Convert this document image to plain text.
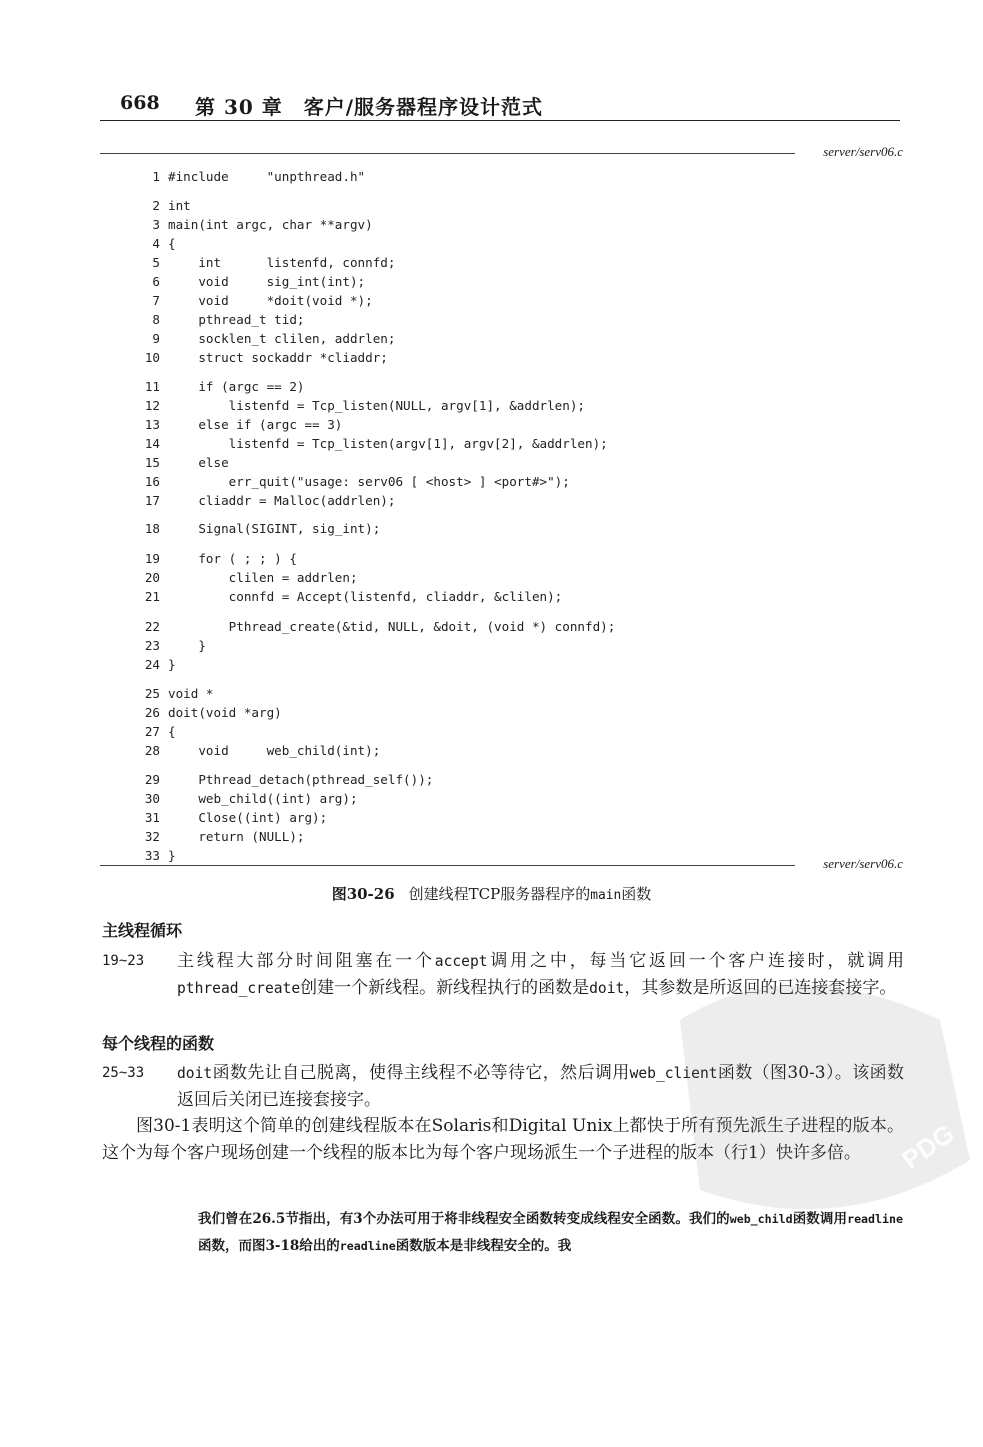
668 第 30 章　客户/服务器程序设计范式
server/serv06.c
1 #include     "unpthread.h"
2 int
3 main(int argc, char **argv)
4 {
5    int      listenfd, connfd;
6    void     sig_int(int);
7    void     *doit(void *);
8    pthread_t tid;
9    socklen_t clilen, addrlen;
10    struct sockaddr *cliaddr;
11    if (argc == 2)
12        listenfd = Tcp_listen(NULL, argv[1], &addrlen);
13    else if (argc == 3)
14        listenfd = Tcp_listen(argv[1], argv[2], &addrlen);
15    else
16        err_quit("usage: serv06 [ <host> ] <port#>");
17    cliaddr = Malloc(addrlen);
18    Signal(SIGINT, sig_int);
19    for ( ; ; ) {
20        clilen = addrlen;
21        connfd = Accept(listenfd, cliaddr, &clilen);
22        Pthread_create(&tid, NULL, &doit, (void *) connfd);
23    }
24 }
25 void *
26 doit(void *arg)
27 {
28    void     web_child(int);
29    Pthread_detach(pthread_self());
30    web_child((int) arg);
31    Close((int) arg);
32    return (NULL);
33 }
server/serv06.c
图30-26 创建线程TCP服务器程序的main函数
主线程循环
19~23 主线程大部分时间阻塞在一个accept调用之中，每当它返回一个客户连接时，就调用pthread_create创建一个新线程。新线程执行的函数是doit，其参数是所返回的已连接套接字。
每个线程的函数
25~33 doit函数先让自己脱离，使得主线程不必等待它，然后调用web_client函数（图30-3）。该函数返回后关闭已连接套接字。
图30-1表明这个简单的创建线程版本在Solaris和Digital Unix上都快于所有预先派生子进程的版本。这个为每个客户现场创建一个线程的版本比为每个客户现场派生一个子进程的版本（行1）快许多倍。
我们曾在26.5节指出，有3个办法可用于将非线程安全函数转变成线程安全函数。我们的web_child函数调用readline函数，而图3-18给出的readline函数版本是非线程安全的。我
PDG
